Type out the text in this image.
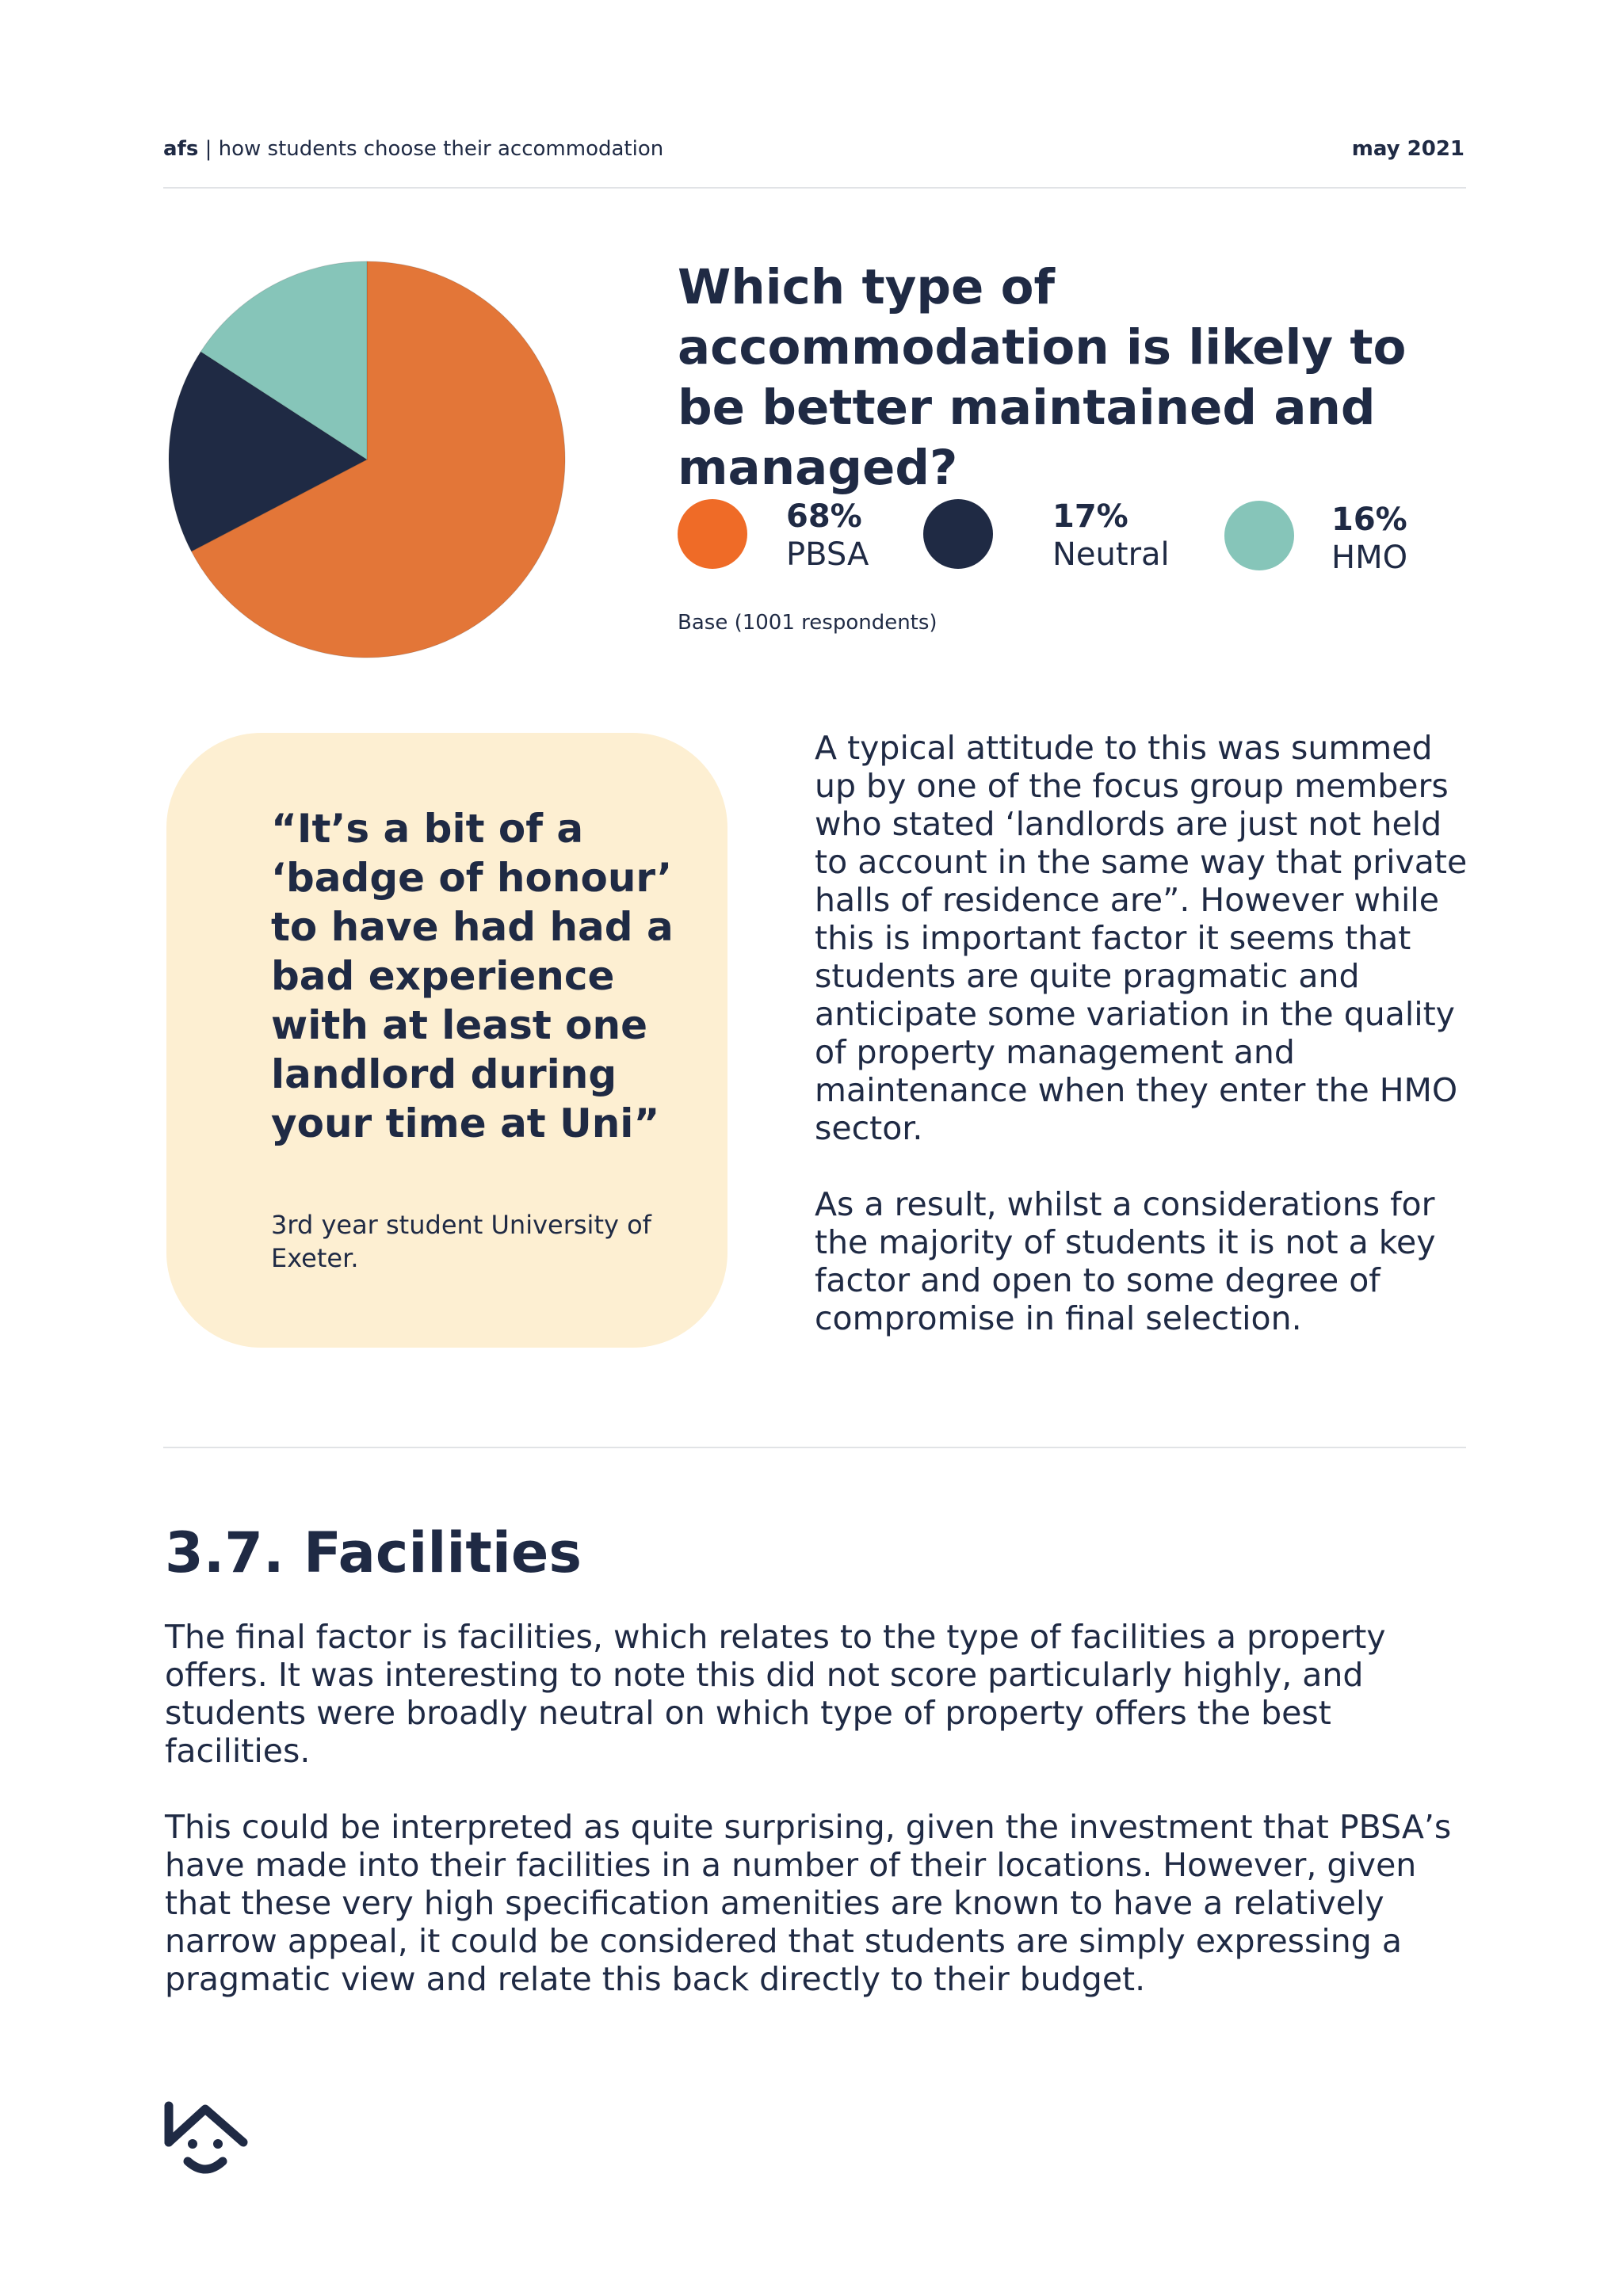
afs | how students choose their accommodation	may 2021
Which type of accommodation is likely to be better maintained and managed?
68%
PBSA
17%
Neutral
16%
HMO
Base (1001 respondents)

“It’s a bit of a ‘badge of honour’ to have had had a bad experience with at least one landlord during your time at Uni”

3rd year student University of Exeter.

A typical attitude to this was summed up by one of the focus group members who stated ‘landlords are just not held to account in the same way that private halls of residence are”. However while this is important factor it seems that students are quite pragmatic and anticipate some variation in the quality of property management and maintenance when they enter the HMO sector.

As a result, whilst a considerations for the majority of students it is not a key factor and open to some degree of compromise in final selection.

3.7. Facilities

The final factor is facilities, which relates to the type of facilities a property offers. It was interesting to note this did not score particularly highly, and students were broadly neutral on which type of property offers the best facilities.

This could be interpreted as quite surprising, given the investment that PBSA’s have made into their facilities in a number of their locations. However, given that these very high specification amenities are known to have a relatively narrow appeal, it could be considered that students are simply expressing a pragmatic view and relate this back directly to their budget.
